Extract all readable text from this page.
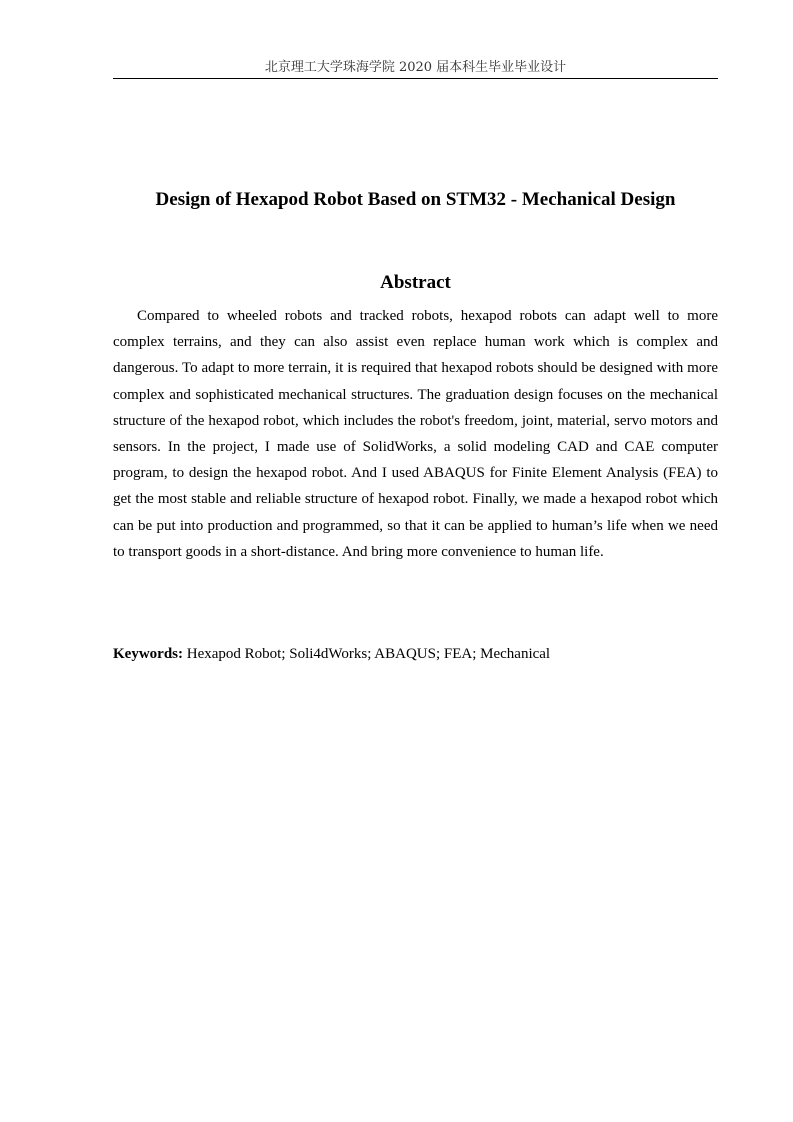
北京理工大学珠海学院 2020 届本科生毕业毕业设计
Design of Hexapod Robot Based on STM32 - Mechanical Design
Abstract

Compared to wheeled robots and tracked robots, hexapod robots can adapt well to more complex terrains, and they can also assist even replace human work which is complex and dangerous. To adapt to more terrain, it is required that hexapod robots should be designed with more complex and sophisticated mechanical structures. The graduation design focuses on the mechanical structure of the hexapod robot, which includes the robot's freedom, joint, material, servo motors and sensors. In the project, I made use of SolidWorks, a solid modeling CAD and CAE computer program, to design the hexapod robot. And I used ABAQUS for Finite Element Analysis (FEA) to get the most stable and reliable structure of hexapod robot. Finally, we made a hexapod robot which can be put into production and programmed, so that it can be applied to human’s life when we need to transport goods in a short-distance. And bring more convenience to human life.

Keywords: Hexapod Robot; Soli4dWorks; ABAQUS; FEA; Mechanical
